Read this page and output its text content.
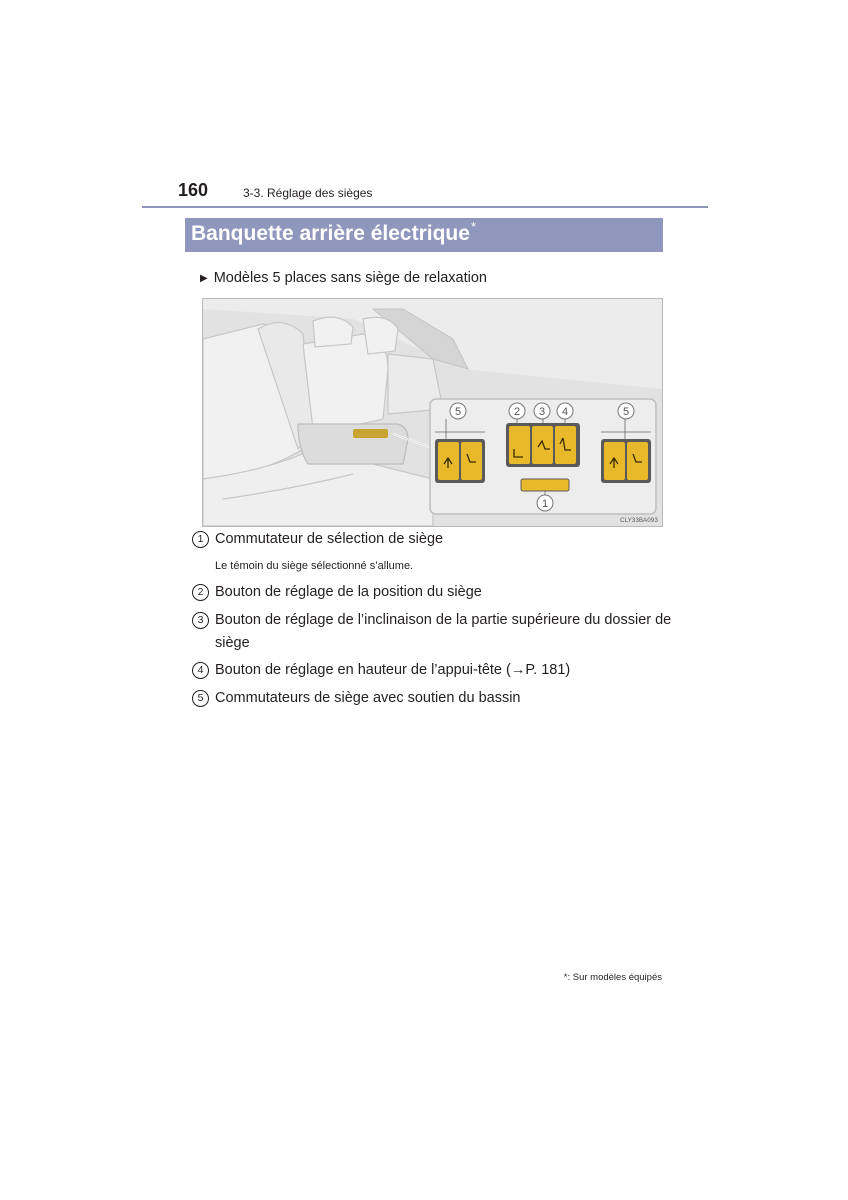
160	3-3. Réglage des sièges
Banquette arrière électrique*
▶ Modèles 5 places sans siège de relaxation
5	2 3 4	5
1
CLY33BA093
1 Commutateur de sélection de siège
Le témoin du siège sélectionné s’allume.
2 Bouton de réglage de la position du siège
3 Bouton de réglage de l’inclinaison de la partie supérieure du dossier de
siège
4 Bouton de réglage en hauteur de l’appui-tête (→P. 181)
5 Commutateurs de siège avec soutien du bassin
*: Sur modèles équipés
